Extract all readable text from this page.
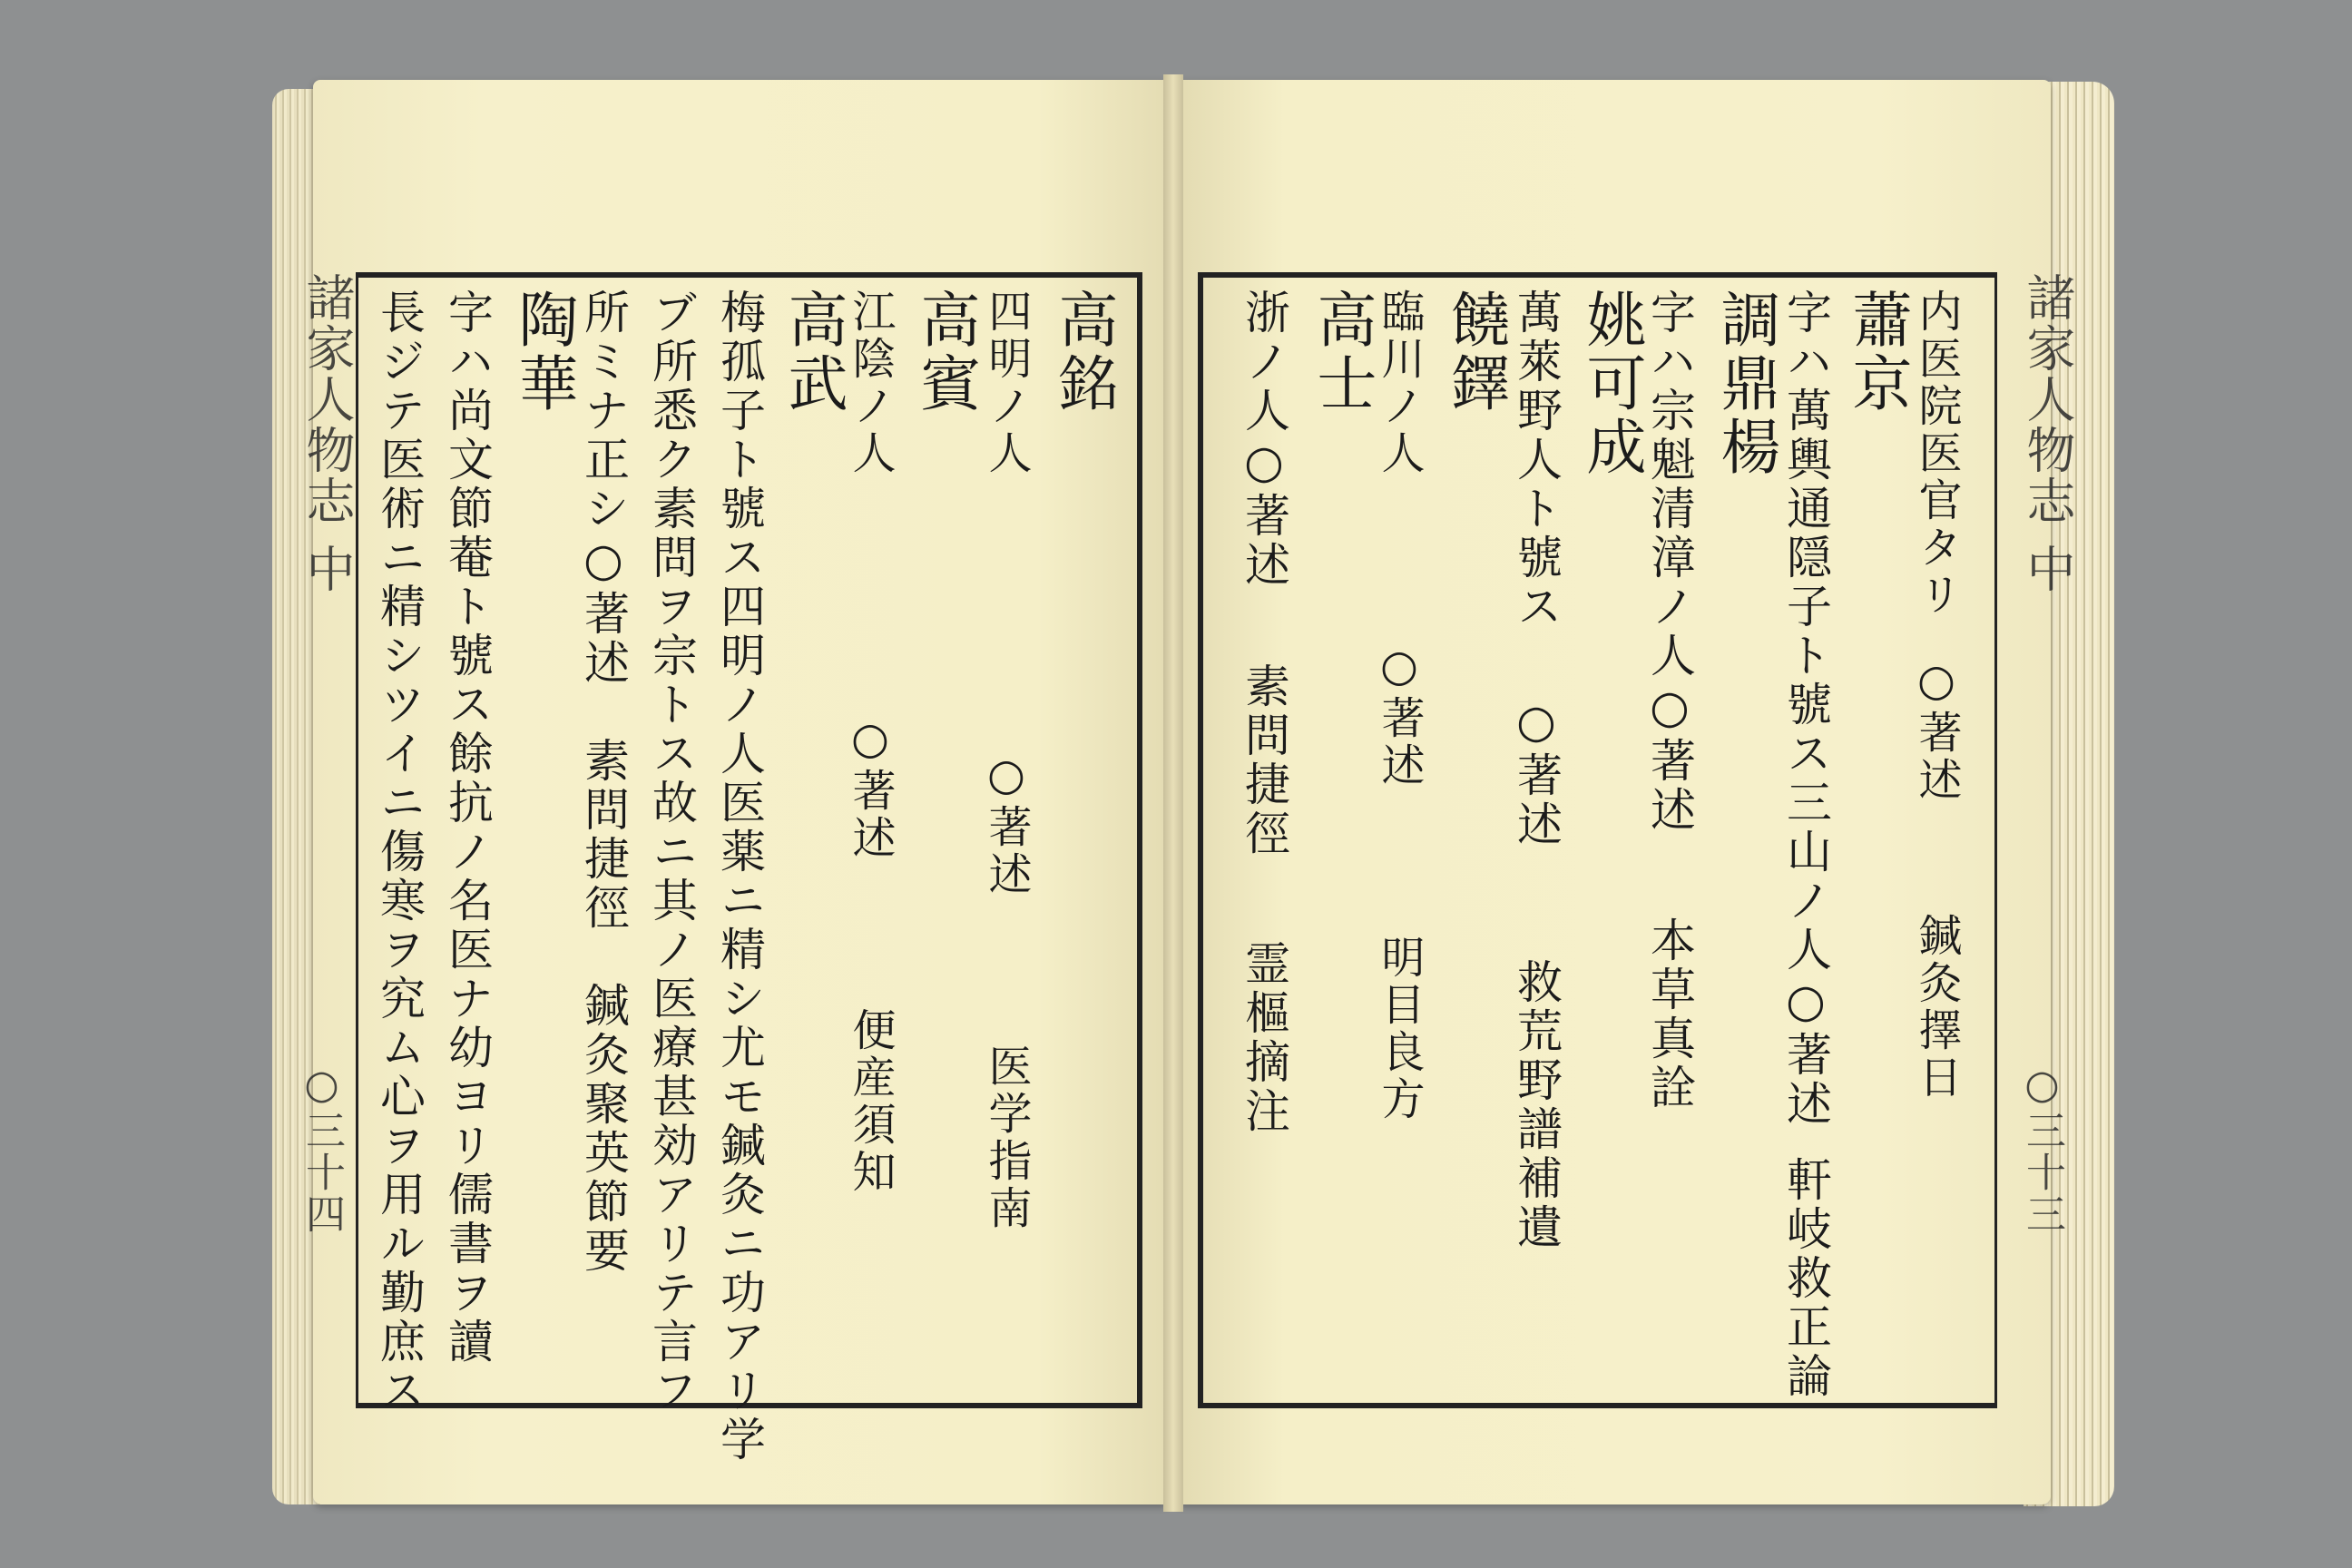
諸家人物志 中
○三十四
諸家人物志 中
○三十三
高銘
四明ノ人○著述医学指南
高賓
江陰ノ人○著述便産須知
高武
梅孤子ト號ス四明ノ人医薬ニ精シ尤モ鍼灸ニ功アリ学
ブ所悉ク素問ヲ宗トス故ニ其ノ医療甚効アリテ言フ
所ミナ正シ○著述　素問捷徑　鍼灸聚英節要
陶華
字ハ尚文節菴ト號ス餘抗ノ名医ナ幼ヨリ儒書ヲ讀
長ジテ医術ニ精シツイニ傷寒ヲ究ム心ヲ用ル勤庶ス	内医院医官タリ○著述鍼灸擇日
蕭京
字ハ萬輿通隠子ト號ス三山ノ人○著述軒岐救正論
調鼎楊
字ハ宗魁清漳ノ人○著述本草真詮
姚可成
萬萊野人ト號ス○著述救荒野譜補遺
饒鐸
臨川ノ人○著述明目良方
高士
浙ノ人○著述素問捷徑霊樞摘注
